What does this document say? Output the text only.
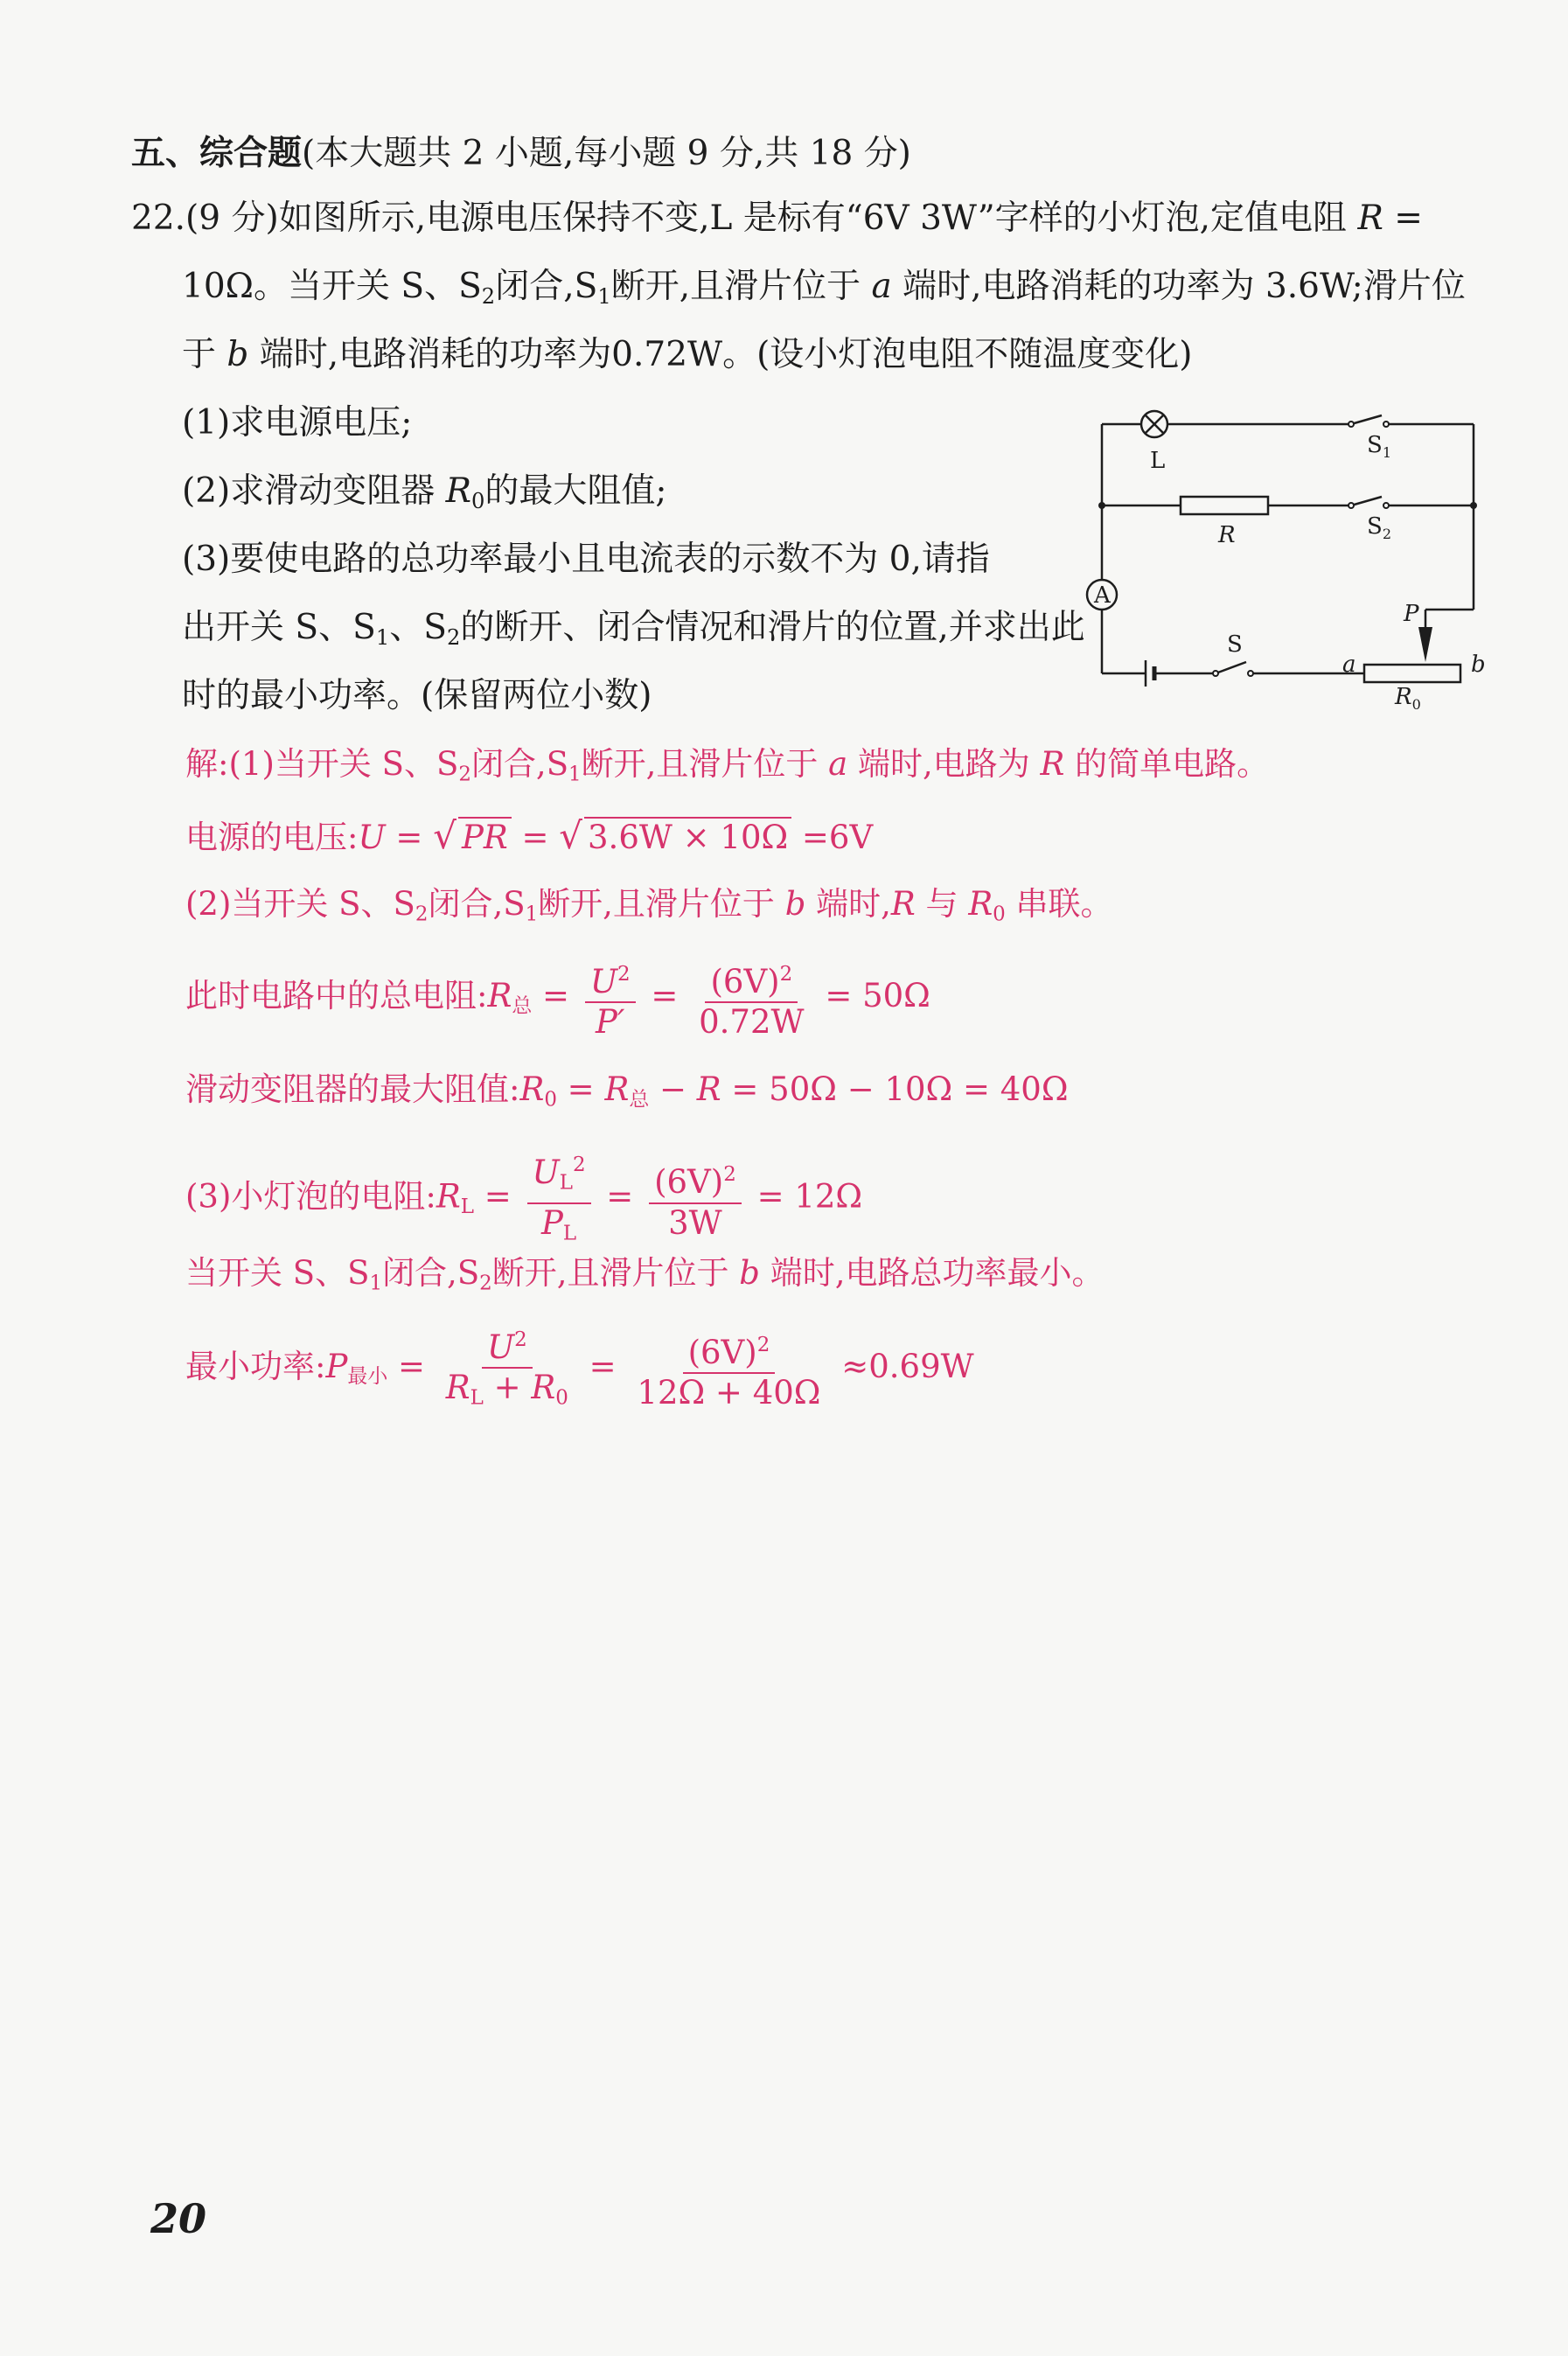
五、综合题(本大题共 2 小题,每小题 9 分,共 18 分)
22.(9 分)如图所示,电源电压保持不变,L 是标有“6V 3W”字样的小灯泡,定值电阻 R =
10Ω。当开关 S、$S_2$闭合$,S_1$断开,且滑片位于 a 端时,电路消耗的功率为 3.6W;滑片位
于 b 端时,电路消耗的功率为0.72W。(设小灯泡电阻不随温度变化)
(1)求电源电压;
(2)求滑动变阻器 $R_0$的最大阻值;
(3)要使电路的总功率最小且电流表的示数不为 0,请指
出开关 S、$S_1$、$S_2$的断开、闭合情况和滑片的位置,并求出此
时的最小功率。(保留两位小数)
L
$S_1$
R	$S_2$
A
S
P
a
$R_0$
b
解:(1)当开关 S、$S_2$闭合$,S_1$断开,且滑片位于 a 端时,电路为 R 的简单电路。
电源的电压:U = √ PR = √ 3.6W × 10Ω =6V
(2)当开关 S、$S_2$闭合$,S_1$断开,且滑片位于 b 端时,R 与 $R_0$ 串联。
此时电路中的总电阻$:R_总 = \frac{U^2}{P'} = \frac{(6V)^2}{0.72W} = 50\Omega$
滑动变阻器的最大阻值$:R_0 = R_总 - R = 50\Omega - 10\Omega = 40\Omega$
(3)小灯泡的电阻$:R_L = \frac{U_L^2}{P_L} = \frac{(6V)^2}{3W} = 12\Omega$
当开关 S、$S_1$闭合$,S_2$断开,且滑片位于 b 端时,电路总功率最小。
最小功率$:P_{最小} = \frac{U^2}{R_L + R_0} = \frac{(6V)^2}{12\Omega + 40\Omega} \approx 0.69W$
20
